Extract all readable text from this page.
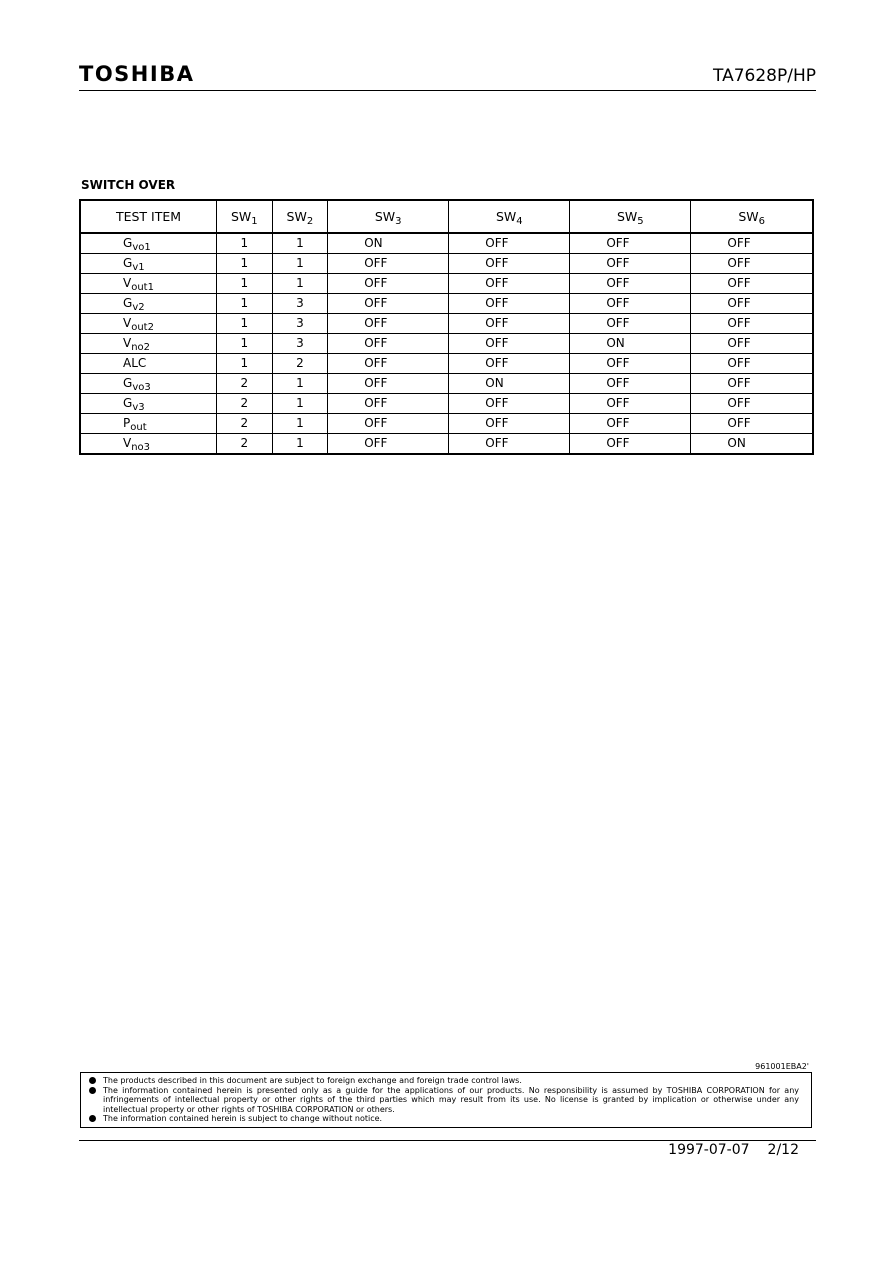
TOSHIBA	TA7628P/HP
SWITCH OVER
TEST ITEM	$SW_1$	$SW_2$	$SW_3$	$SW_4$	$SW_5$	$SW_6$
$G_{vo1}$	1	1	ON	OFF	OFF	OFF
$G_{v1}$	1	1	OFF	OFF	OFF	OFF
$V_{out1}$	1	1	OFF	OFF	OFF	OFF
$G_{v2}$	1	3	OFF	OFF	OFF	OFF
$V_{out2}$	1	3	OFF	OFF	OFF	OFF
$V_{no2}$	1	3	OFF	OFF	ON	OFF
ALC	1	2	OFF	OFF	OFF	OFF
$G_{vo3}$	2	1	OFF	ON	OFF	OFF
$G_{v3}$	2	1	OFF	OFF	OFF	OFF
$P_{out}$	2	1	OFF	OFF	OFF	OFF
$V_{no3}$	2	1	OFF	OFF	OFF	ON
961001EBA2'

The products described in this document are subject to foreign exchange and foreign trade control laws.

The information contained herein is presented only as a guide for the applications of our products. No responsibility is assumed by TOSHIBA CORPORATION for any infringements of intellectual property or other rights of the third parties which may result from its use. No license is granted by implication or otherwise under any intellectual property or other rights of TOSHIBA CORPORATION or others.

The information contained herein is subject to change without notice.

1997-07-07 2/12
